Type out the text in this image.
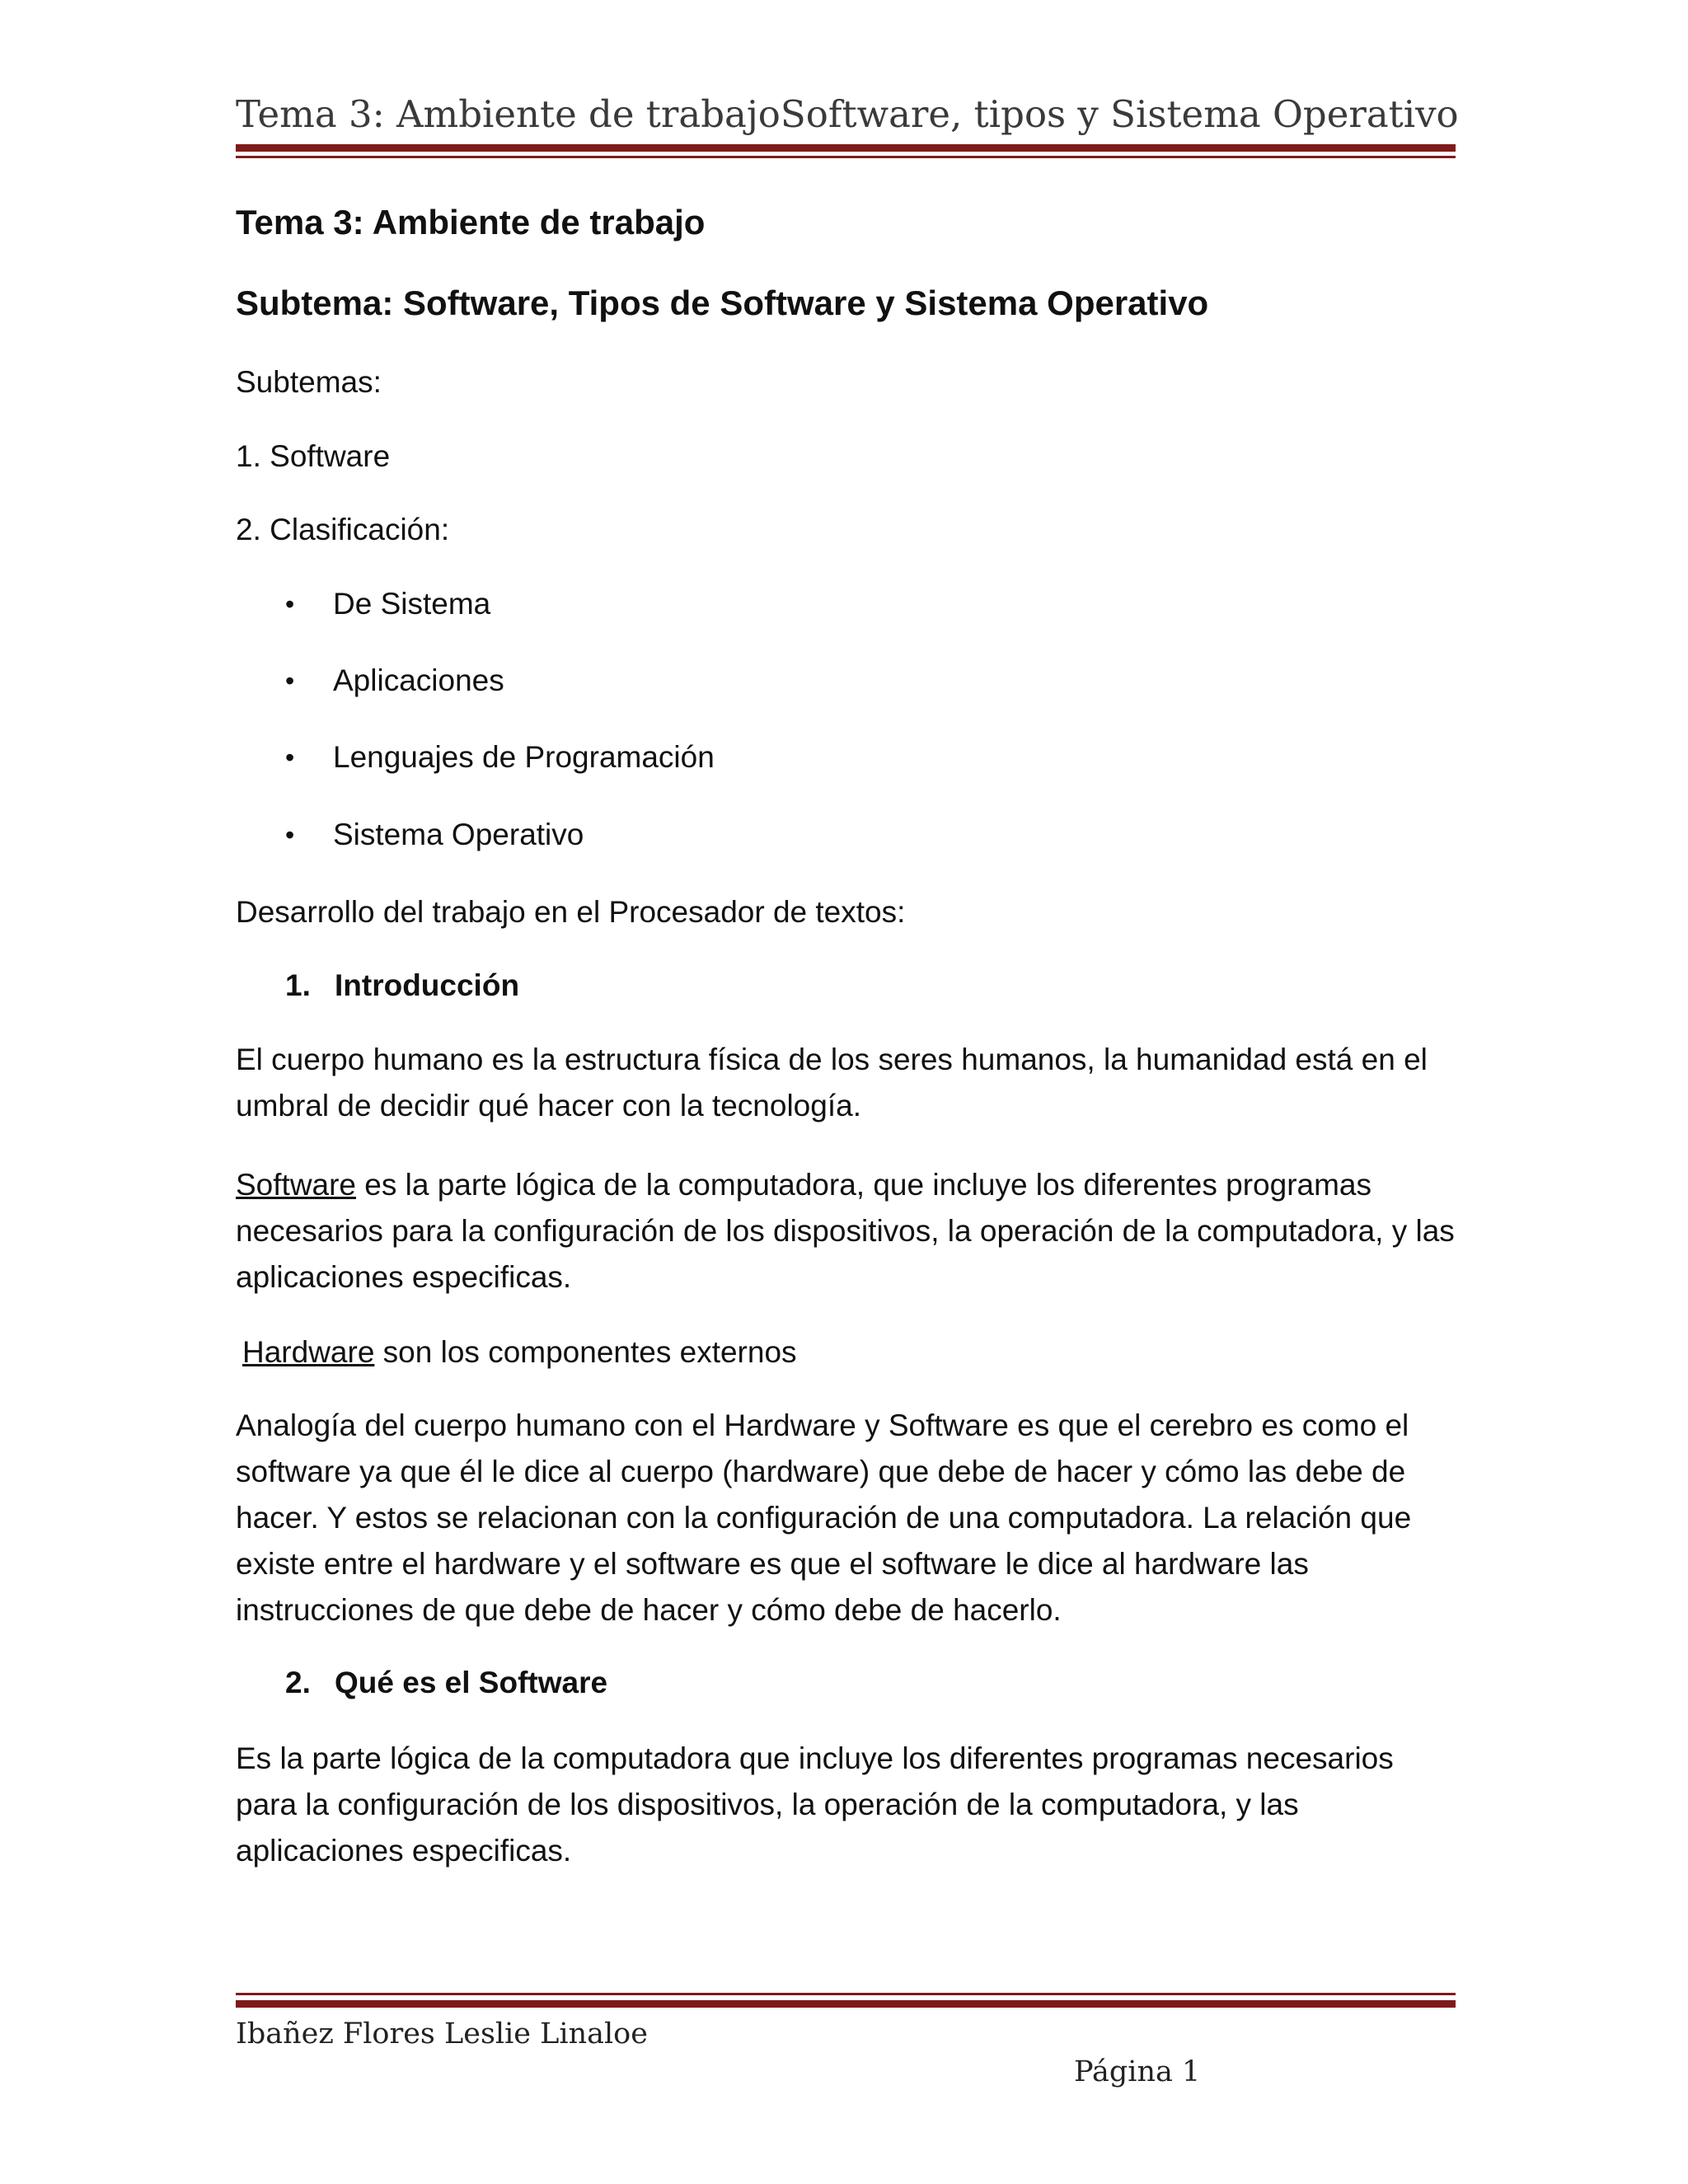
Tema 3: Ambiente de trabajo Software, tipos y Sistema Operativo
Tema 3: Ambiente de trabajo
Subtema: Software, Tipos de Software y Sistema Operativo
Subtemas:
1. Software
2. Clasificación:
•	De Sistema
•	Aplicaciones
•	Lenguajes de Programación
•	Sistema Operativo
Desarrollo del trabajo en el Procesador de textos:
1. Introducción
El cuerpo humano es la estructura física de los seres humanos, la humanidad está en el umbral de decidir qué hacer con la tecnología.
Software es la parte lógica de la computadora, que incluye los diferentes programas necesarios para la configuración de los dispositivos, la operación de la computadora, y las aplicaciones especificas.
Hardware son los componentes externos
Analogía del cuerpo humano con el Hardware y Software es que el cerebro es como el software ya que él le dice al cuerpo (hardware) que debe de hacer y cómo las debe de hacer. Y estos se relacionan con la configuración de una computadora. La relación que existe entre el hardware y el software es que el software le dice al hardware las instrucciones de que debe de hacer y cómo debe de hacerlo.
2. Qué es el Software
Es la parte lógica de la computadora que incluye los diferentes programas necesarios para la configuración de los dispositivos, la operación de la computadora, y las aplicaciones especificas.
Ibañez Flores Leslie Linaloe
Página 1
